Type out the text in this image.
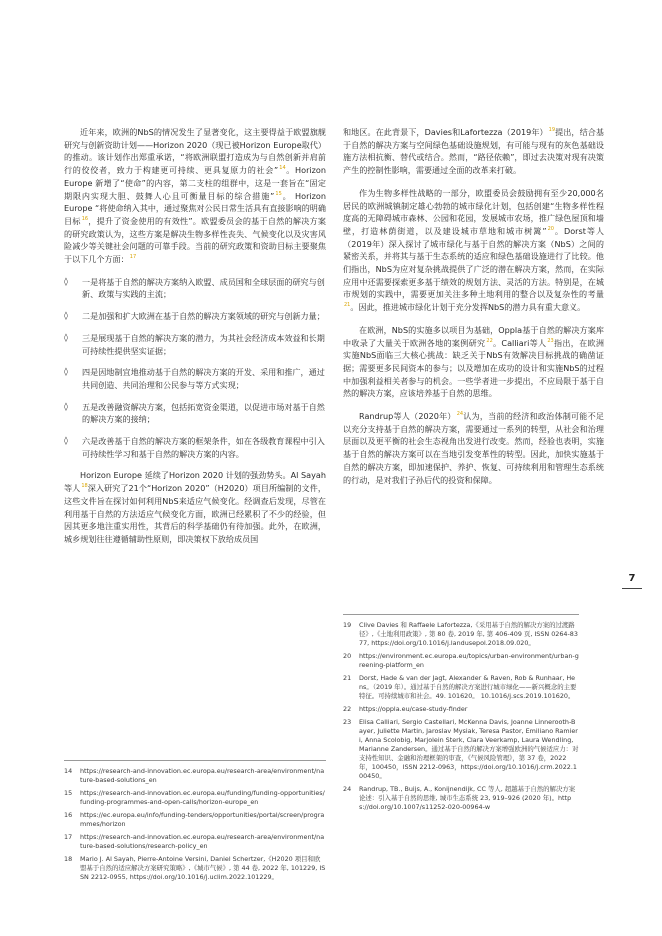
近年来，欧洲的NbS的情况发生了显著变化，这主要得益于欧盟旗舰研究与创新资助计划——Horizon 2020（现已被Horizon Europe取代）的推动。该计划作出郑重承诺，“将欧洲联盟打造成为与自然创新并肩前行的佼佼者，致力于构建更可持续、更具复原力的社会”$^{14}$。Horizon Europe 新增了“使命”的内容，第二支柱的组群中，这是一套旨在“固定期限内实现大胆、鼓舞人心且可衡量目标的综合措施”$^{15}$。 Horizon Europe “将使命纳入其中，通过聚焦对公民日常生活具有直接影响的明确目标$^{16}$，提升了资金使用的有效性”。欧盟委员会的基于自然的解决方案的研究政策认为，这些方案是解决生物多样性丧失、气候变化以及灾害风险减少等关键社会问题的可靠手段。当前的研究政策和资助目标主要聚焦于以下几个方面：$^{17}$

◊ 一是将基于自然的解决方案纳入欧盟、成员国和全球层面的研究与创新、政策与实践的主流；
◊ 二是加强和扩大欧洲在基于自然的解决方案领域的研究与创新力量；
◊ 三是展现基于自然的解决方案的潜力，为其社会经济成本效益和长期可持续性提供坚实证据；
◊ 四是因地制宜地推动基于自然的解决方案的开发、采用和推广，通过共同创造、共同治理和公民参与等方式实现；
◊ 五是改善融资解决方案，包括拓宽资金渠道，以促进市场对基于自然的解决方案的接纳；
◊ 六是改善基于自然的解决方案的框架条件，如在各级教育课程中引入可持续性学习和基于自然的解决方案的内容。

Horizon Europe 延续了Horizon 2020 计划的强劲势头。Al Sayah等人$^{18}$深入研究了21个“Horizon 2020”（H2020）项目所编制的文件，这些文件旨在探讨如何利用NbS来适应气候变化。经调查后发现，尽管在利用基于自然的方法适应气候变化方面，欧洲已经累积了不少的经验，但因其更多地注重实用性，其背后的科学基础仍有待加强。此外，在欧洲，城乡规划往往遵循辅助性原则，即决策权下放给成员国

和地区。在此背景下，Davies和Lafortezza（2019年）$^{19}$提出，结合基于自然的解决方案与空间绿色基础设施规划，有可能与现有的灰色基础设施方法相抗衡、替代或结合。然而，“路径依赖”，即过去决策对现有决策产生的控制性影响，需要通过全面的改革来打破。

作为生物多样性战略的一部分，欧盟委员会鼓励拥有至少20,000名居民的欧洲城镇制定雄心勃勃的城市绿化计划，包括创建“生物多样性程度高的无障碍城市森林、公园和花园，发展城市农场，推广绿色屋顶和墙壁，打造林荫街道，以及建设城市草地和城市树篱”$^{20}$。Dorst等人（2019年）深入探讨了城市绿化与基于自然的解决方案（NbS）之间的紧密关系，并将其与基于生态系统的适应和绿色基础设施进行了比较。他们指出，NbS为应对复杂挑战提供了广泛的潜在解决方案，然而，在实际应用中还需要探索更多基于绩效的规划方法、灵活的方法。特别是，在城市规划的实践中，需要更加关注多种土地利用的整合以及复杂性的考量$^{21}$。因此，推进城市绿化计划于充分发挥NbS的潜力具有重大意义。

在欧洲，NbS的实施多以项目为基础，Oppla基于自然的解决方案库中收录了大量关于欧洲各地的案例研究$^{22}$。Calliari等人$^{23}$指出，在欧洲实施NbS面临三大核心挑战：缺乏关于NbS有效解决目标挑战的确凿证据；需要更多民间资本的参与；以及增加在成功的设计和实施NbS的过程中加强利益相关者参与的机会。一些学者进一步提出，不应局限于基于自然的解决方案，应该培养基于自然的思维。

Randrup等人（2020年）$^{24}$认为，当前的经济和政治体制可能不足以充分支持基于自然的解决方案，需要通过一系列的转型，从社会和治理层面以及更平衡的社会生态视角出发进行改变。然而，经验也表明，实施基于自然的解决方案可以在当地引发变革性的转型。因此，加快实施基于自然的解决方案，即加速保护、养护、恢复、可持续利用和管理生态系统的行动，是对我们子孙后代的投资和保障。

7
14	https://research-and-innovation.ec.europa.eu/research-area/environment/nature-based-solutions_en
15	https://research-and-innovation.ec.europa.eu/funding/funding-opportunities/funding-programmes-and-open-calls/horizon-europe_en
16	https://ec.europa.eu/info/funding-tenders/opportunities/portal/screen/programmes/horizon
17	https://research-and-innovation.ec.europa.eu/research-area/environment/nature-based-solutions/research-policy_en
18	Mario J. Al Sayah, Pierre-Antoine Versini, Daniel Schertzer,《H2020 项目和欧盟基于自然的适应解决方案研究策略》,《城市气候》, 第 44 卷, 2022 年, 101229, ISSN 2212-0955, https://doi.org/10.1016/j.uclim.2022.101229。
19	Clive Davies 和 Raffaele Lafortezza,《采用基于自然的解决方案的过渡路径》,《土地利用政策》, 第 80 卷, 2019 年, 第 406-409 页, ISSN 0264-8377, https://doi.org/10.1016/j.landusepol.2018.09.020。
20	https://environment.ec.europa.eu/topics/urban-environment/urban-greening-platform_en
21	Dorst, Hade & van der Jagt, Alexander & Raven, Rob & Runhaar, Hens。（2019 年）。通过基于自然的解决方案进行城市绿化——新兴概念的主要特征。可持续城市和社会。49. 101620。 10.1016/j.scs.2019.101620。
22	https://oppla.eu/case-study-finder
23	Elisa Calliari, Sergio Castellari, McKenna Davis, Joanne Linnerooth-Bayer, Juliette Martin, Jaroslav Mysiak, Teresa Pastor, Emiliano Ramieri, Anna Scolobig, Marjolein Sterk, Clara Veerkamp, Laura Wendling, Marianne Zandersen。通过基于自然的解决方案增强欧洲的气候适应力：对支持性知识、金融和治理框架的审查，《气候风险管理》，第 37 卷，2022 年，100450，ISSN 2212-0963，https://doi.org/10.1016/j.crm.2022.100450。
24	Randrup, TB., Buijs, A., Konijnendijk, CC 等人, 超越基于自然的解决方案论述：引入基于自然的思维, 城市生态系统 23, 919–926 (2020 年)。https://doi.org/10.1007/s11252-020-00964-w
